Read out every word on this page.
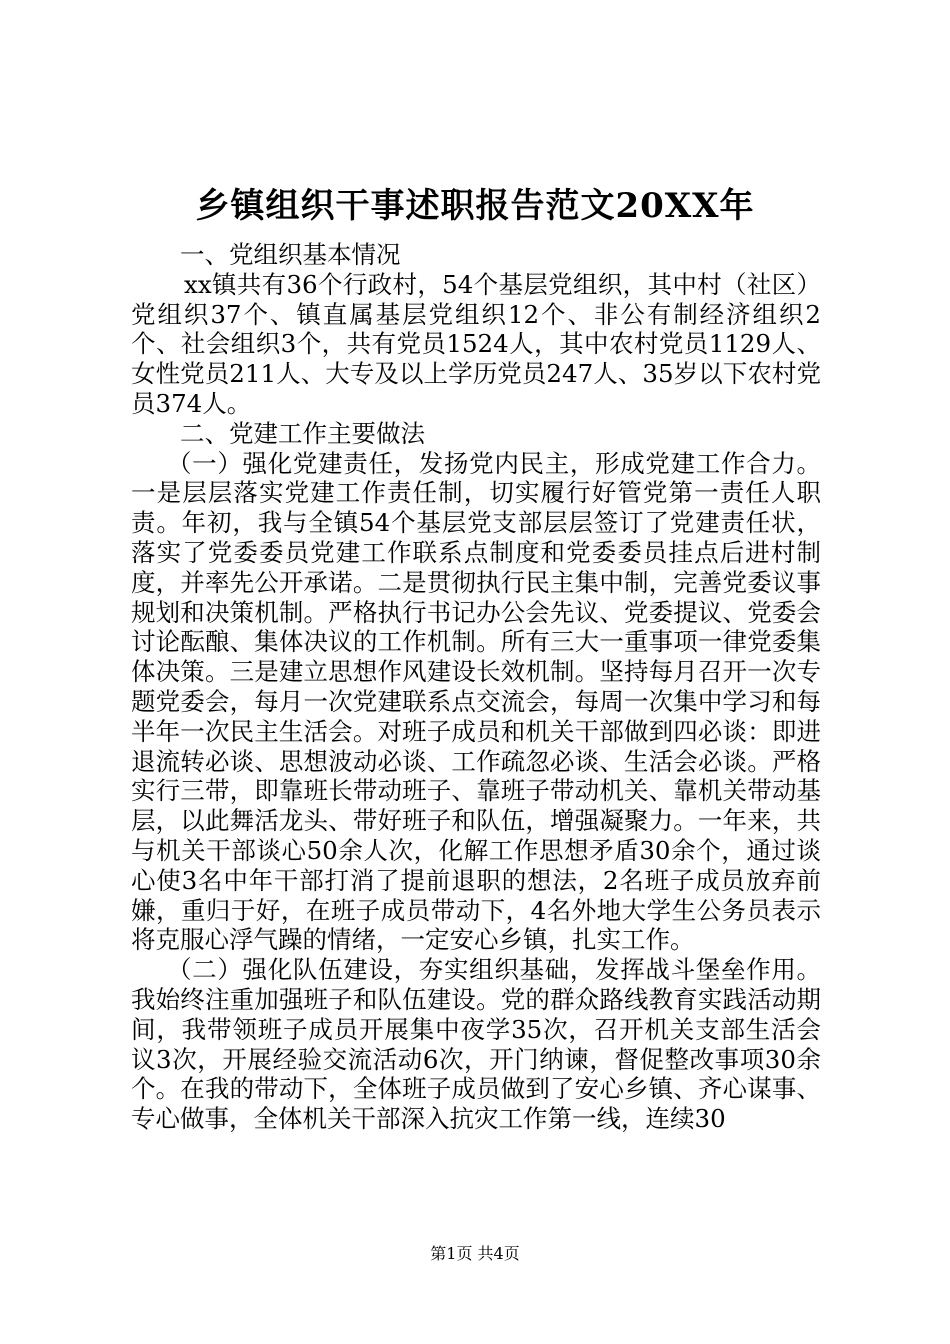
乡镇组织干事述职报告范文20XX年

一、党组织基本情况

xx镇共有36个行政村，54个基层党组织，其中村（社区）党组织37个、镇直属基层党组织12个、非公有制经济组织2个、社会组织3个，共有党员1524人，其中农村党员1129人、女性党员211人、大专及以上学历党员247人、35岁以下农村党员374人。

二、党建工作主要做法

（一）强化党建责任，发扬党内民主，形成党建工作合力。一是层层落实党建工作责任制，切实履行好管党第一责任人职责。年初，我与全镇54个基层党支部层层签订了党建责任状，落实了党委委员党建工作联系点制度和党委委员挂点后进村制度，并率先公开承诺。二是贯彻执行民主集中制，完善党委议事规划和决策机制。严格执行书记办公会先议、党委提议、党委会讨论酝酿、集体决议的工作机制。所有三大一重事项一律党委集体决策。三是建立思想作风建设长效机制。坚持每月召开一次专题党委会，每月一次党建联系点交流会，每周一次集中学习和每半年一次民主生活会。对班子成员和机关干部做到四必谈：即进退流转必谈、思想波动必谈、工作疏忽必谈、生活会必谈。严格实行三带，即靠班长带动班子、靠班子带动机关、靠机关带动基层，以此舞活龙头、带好班子和队伍，增强凝聚力。一年来，共与机关干部谈心50余人次，化解工作思想矛盾30余个，通过谈心使3名中年干部打消了提前退职的想法，2名班子成员放弃前嫌，重归于好，在班子成员带动下，4名外地大学生公务员表示将克服心浮气躁的情绪，一定安心乡镇，扎实工作。

（二）强化队伍建设，夯实组织基础，发挥战斗堡垒作用。我始终注重加强班子和队伍建设。党的群众路线教育实践活动期间，我带领班子成员开展集中夜学35次，召开机关支部生活会议3次，开展经验交流活动6次，开门纳谏，督促整改事项30余个。在我的带动下，全体班子成员做到了安心乡镇、齐心谋事、专心做事，全体机关干部深入抗灾工作第一线，连续30

第1页 共4页
